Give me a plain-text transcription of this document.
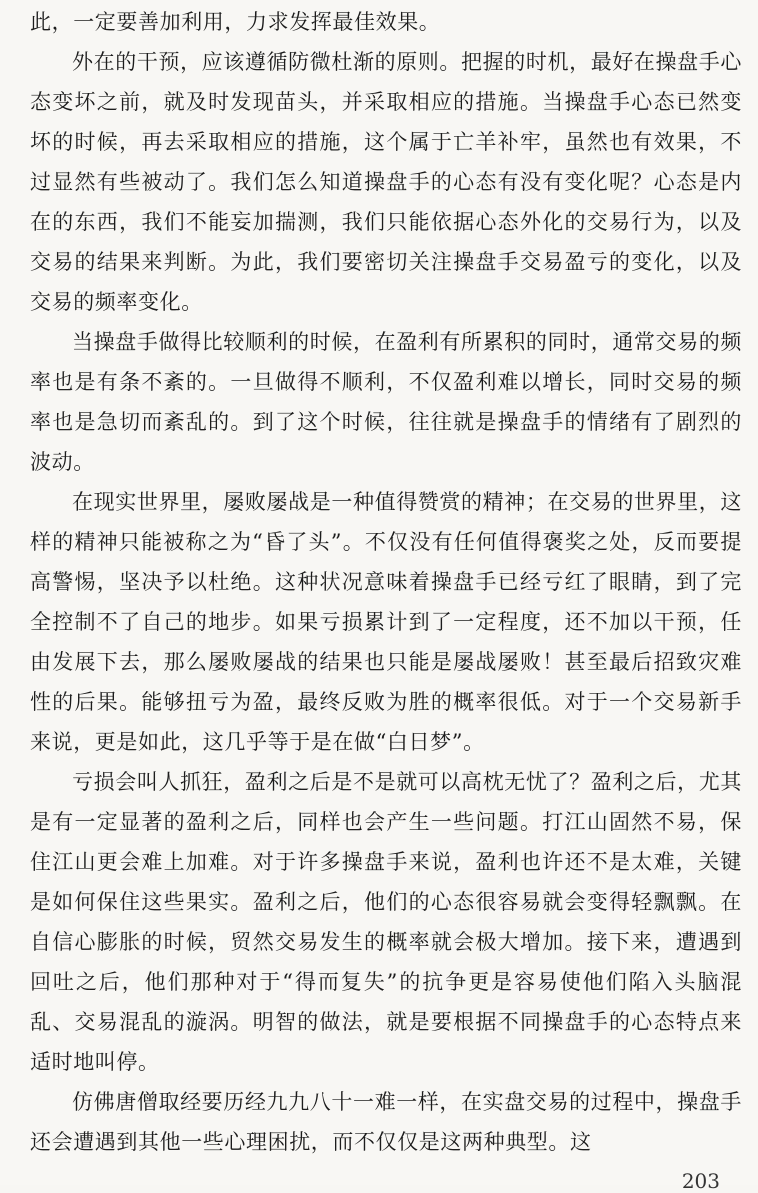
此，一定要善加利用，力求发挥最佳效果。

外在的干预，应该遵循防微杜渐的原则。把握的时机，最好在操盘手心态变坏之前，就及时发现苗头，并采取相应的措施。当操盘手心态已然变坏的时候，再去采取相应的措施，这个属于亡羊补牢，虽然也有效果，不过显然有些被动了。我们怎么知道操盘手的心态有没有变化呢？心态是内在的东西，我们不能妄加揣测，我们只能依据心态外化的交易行为，以及交易的结果来判断。为此，我们要密切关注操盘手交易盈亏的变化，以及交易的频率变化。

当操盘手做得比较顺利的时候，在盈利有所累积的同时，通常交易的频率也是有条不紊的。一旦做得不顺利，不仅盈利难以增长，同时交易的频率也是急切而紊乱的。到了这个时候，往往就是操盘手的情绪有了剧烈的波动。

在现实世界里，屡败屡战是一种值得赞赏的精神；在交易的世界里，这样的精神只能被称之为“昏了头”。不仅没有任何值得褒奖之处，反而要提高警惕，坚决予以杜绝。这种状况意味着操盘手已经亏红了眼睛，到了完全控制不了自己的地步。如果亏损累计到了一定程度，还不加以干预，任由发展下去，那么屡败屡战的结果也只能是屡战屡败！甚至最后招致灾难性的后果。能够扭亏为盈，最终反败为胜的概率很低。对于一个交易新手来说，更是如此，这几乎等于是在做“白日梦”。

亏损会叫人抓狂，盈利之后是不是就可以高枕无忧了？盈利之后，尤其是有一定显著的盈利之后，同样也会产生一些问题。打江山固然不易，保住江山更会难上加难。对于许多操盘手来说，盈利也许还不是太难，关键是如何保住这些果实。盈利之后，他们的心态很容易就会变得轻飘飘。在自信心膨胀的时候，贸然交易发生的概率就会极大增加。接下来，遭遇到回吐之后，他们那种对于“得而复失”的抗争更是容易使他们陷入头脑混乱、交易混乱的漩涡。明智的做法，就是要根据不同操盘手的心态特点来适时地叫停。

仿佛唐僧取经要历经九九八十一难一样，在实盘交易的过程中，操盘手还会遭遇到其他一些心理困扰，而不仅仅是这两种典型。这

203
